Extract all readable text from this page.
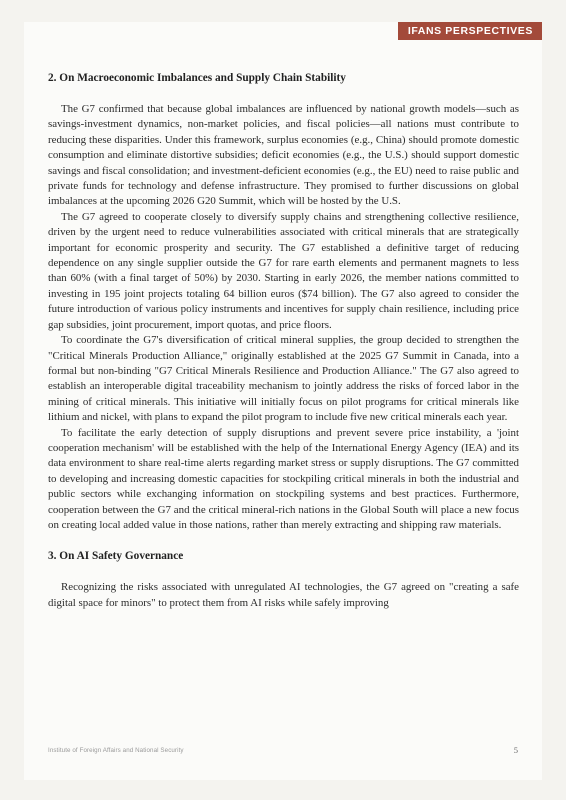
IFANS PERSPECTIVES
2. On Macroeconomic Imbalances and Supply Chain Stability

The G7 confirmed that because global imbalances are influenced by national growth models—such as savings-investment dynamics, non-market policies, and fiscal policies—all nations must contribute to reducing these disparities. Under this framework, surplus economies (e.g., China) should promote domestic consumption and eliminate distortive subsidies; deficit economies (e.g., the U.S.) should support domestic savings and fiscal consolidation; and investment-deficient economies (e.g., the EU) need to raise public and private funds for technology and defense infrastructure. They promised to further discussions on global imbalances at the upcoming 2026 G20 Summit, which will be hosted by the U.S.

The G7 agreed to cooperate closely to diversify supply chains and strengthening collective resilience, driven by the urgent need to reduce vulnerabilities associated with critical minerals that are strategically important for economic prosperity and security. The G7 established a definitive target of reducing dependence on any single supplier outside the G7 for rare earth elements and permanent magnets to less than 60% (with a final target of 50%) by 2030. Starting in early 2026, the member nations committed to investing in 195 joint projects totaling 64 billion euros ($74 billion). The G7 also agreed to consider the future introduction of various policy instruments and incentives for supply chain resilience, including price gap subsidies, joint procurement, import quotas, and price floors.

To coordinate the G7's diversification of critical mineral supplies, the group decided to strengthen the "Critical Minerals Production Alliance," originally established at the 2025 G7 Summit in Canada, into a formal but non-binding "G7 Critical Minerals Resilience and Production Alliance." The G7 also agreed to establish an interoperable digital traceability mechanism to jointly address the risks of forced labor in the mining of critical minerals. This initiative will initially focus on pilot programs for critical minerals like lithium and nickel, with plans to expand the pilot program to include five new critical minerals each year.

To facilitate the early detection of supply disruptions and prevent severe price instability, a 'joint cooperation mechanism' will be established with the help of the International Energy Agency (IEA) and its data environment to share real-time alerts regarding market stress or supply disruptions. The G7 committed to developing and increasing domestic capacities for stockpiling critical minerals in both the industrial and public sectors while exchanging information on stockpiling systems and best practices. Furthermore, cooperation between the G7 and the critical mineral-rich nations in the Global South will place a new focus on creating local added value in those nations, rather than merely extracting and shipping raw materials.

3. On AI Safety Governance

Recognizing the risks associated with unregulated AI technologies, the G7 agreed on "creating a safe digital space for minors" to protect them from AI risks while safely improving

Institute of Foreign Affairs and National Security	5
